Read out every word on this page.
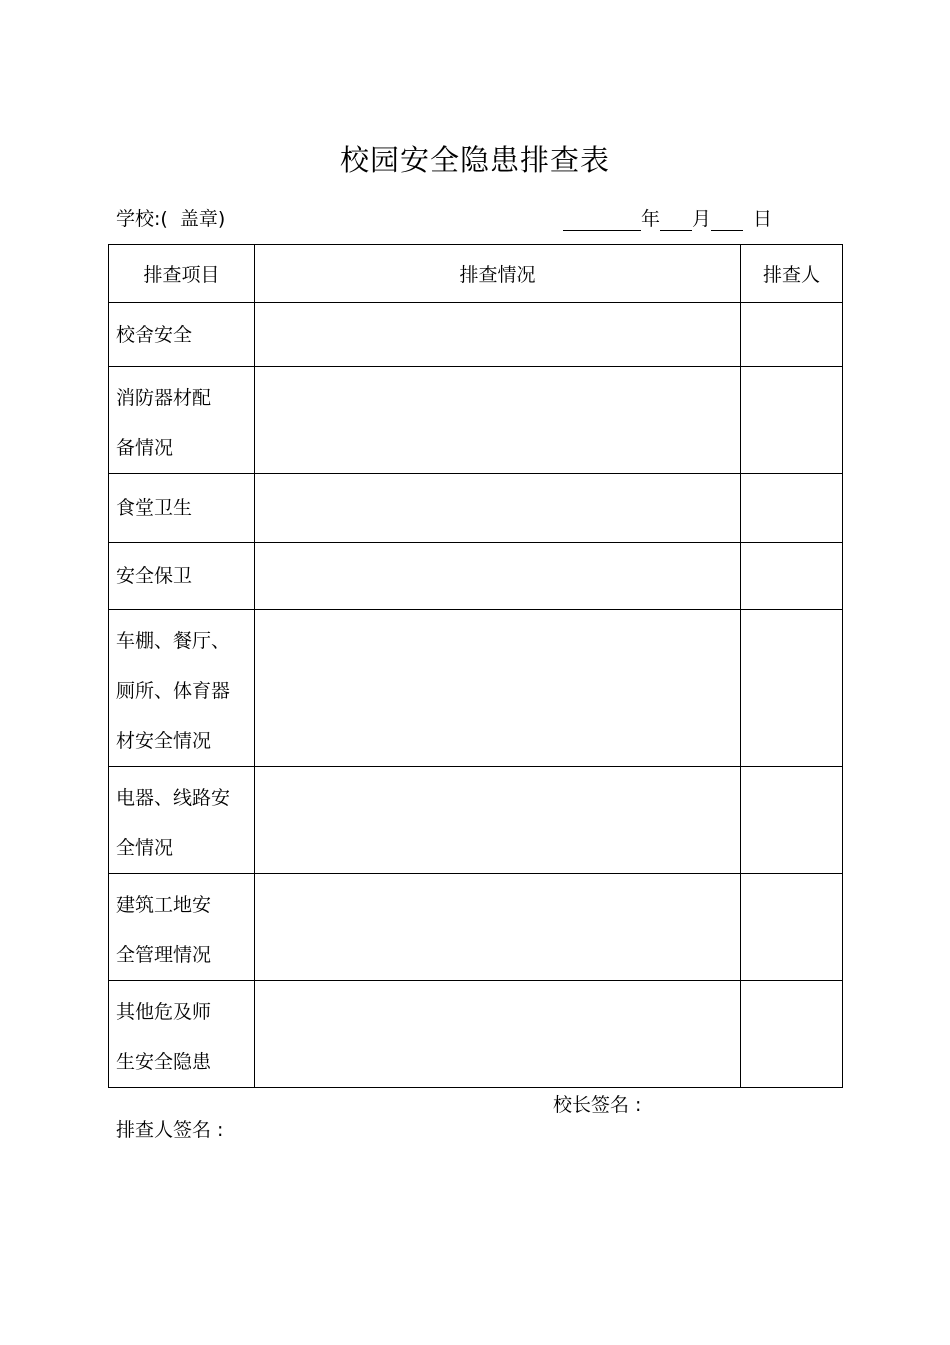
校园安全隐患排查表
学校:(  盖章)	年 月 日
排查项目	排查情况	排查人
校舍安全		

消防器材配
备情况		

食堂卫生		
安全保卫		

车棚、餐厅、
厕所、体育器
材安全情况		

电器、线路安
全情况		

建筑工地安
全管理情况		

其他危及师
生安全隐患		

校长签名 :
排查人签名 :
